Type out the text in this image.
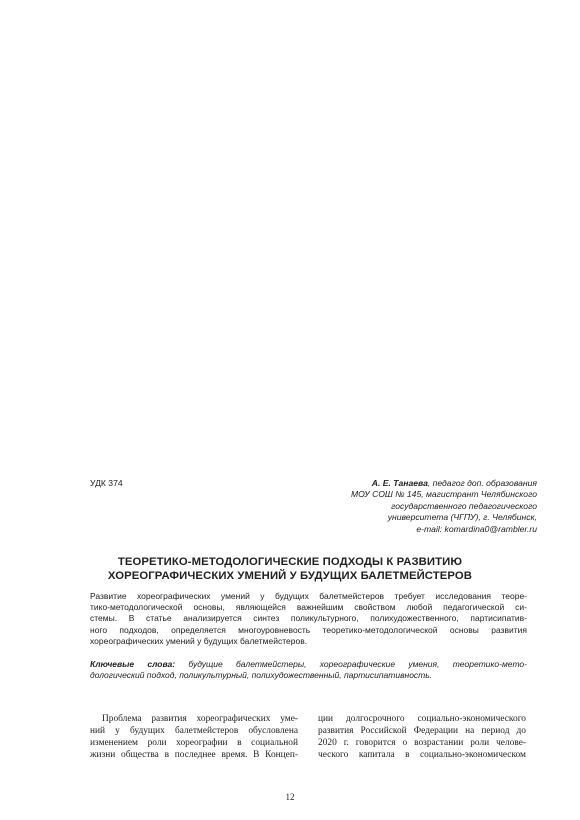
УДК 374	А. Е. Танаева, педагог доп. образования
МОУ СОШ № 145, магистрант Челябинского
государственного педагогического
университета (ЧГПУ), г. Челябинск,
e-mail: komardina0@rambler.ru
ТЕОРЕТИКО-МЕТОДОЛОГИЧЕСКИЕ ПОДХОДЫ К РАЗВИТИЮ
ХОРЕОГРАФИЧЕСКИХ УМЕНИЙ У БУДУЩИХ БАЛЕТМЕЙСТЕРОВ
Развитие хореографических умений у будущих балетмейстеров требует исследования теоре-
тико-методологической основы, являющейся важнейшим свойством любой педагогической си-
стемы. В статье анализируется синтез поликультурного, полихудожественного, партисипатив-
ного подходов, определяется многоуровневость теоретико-методологической основы развития
хореографических умений у будущих балетмейстеров.
Ключевые слова: будущие балетмейстеры, хореографические умения, теоретико-мето-
дологический подход, поликультурный, полихудожественный, партисипативность.
Проблема развития хореографических уме-
ний у будущих балетмейстеров обусловлена
изменением роли хореографии в социальной
жизни общества в последнее время. В Концеп-
ции долгосрочного социально-экономического
развития Российской Федерации на период до
2020 г. говорится о возрастании роли челове-
ческого капитала в социально-экономическом
12
